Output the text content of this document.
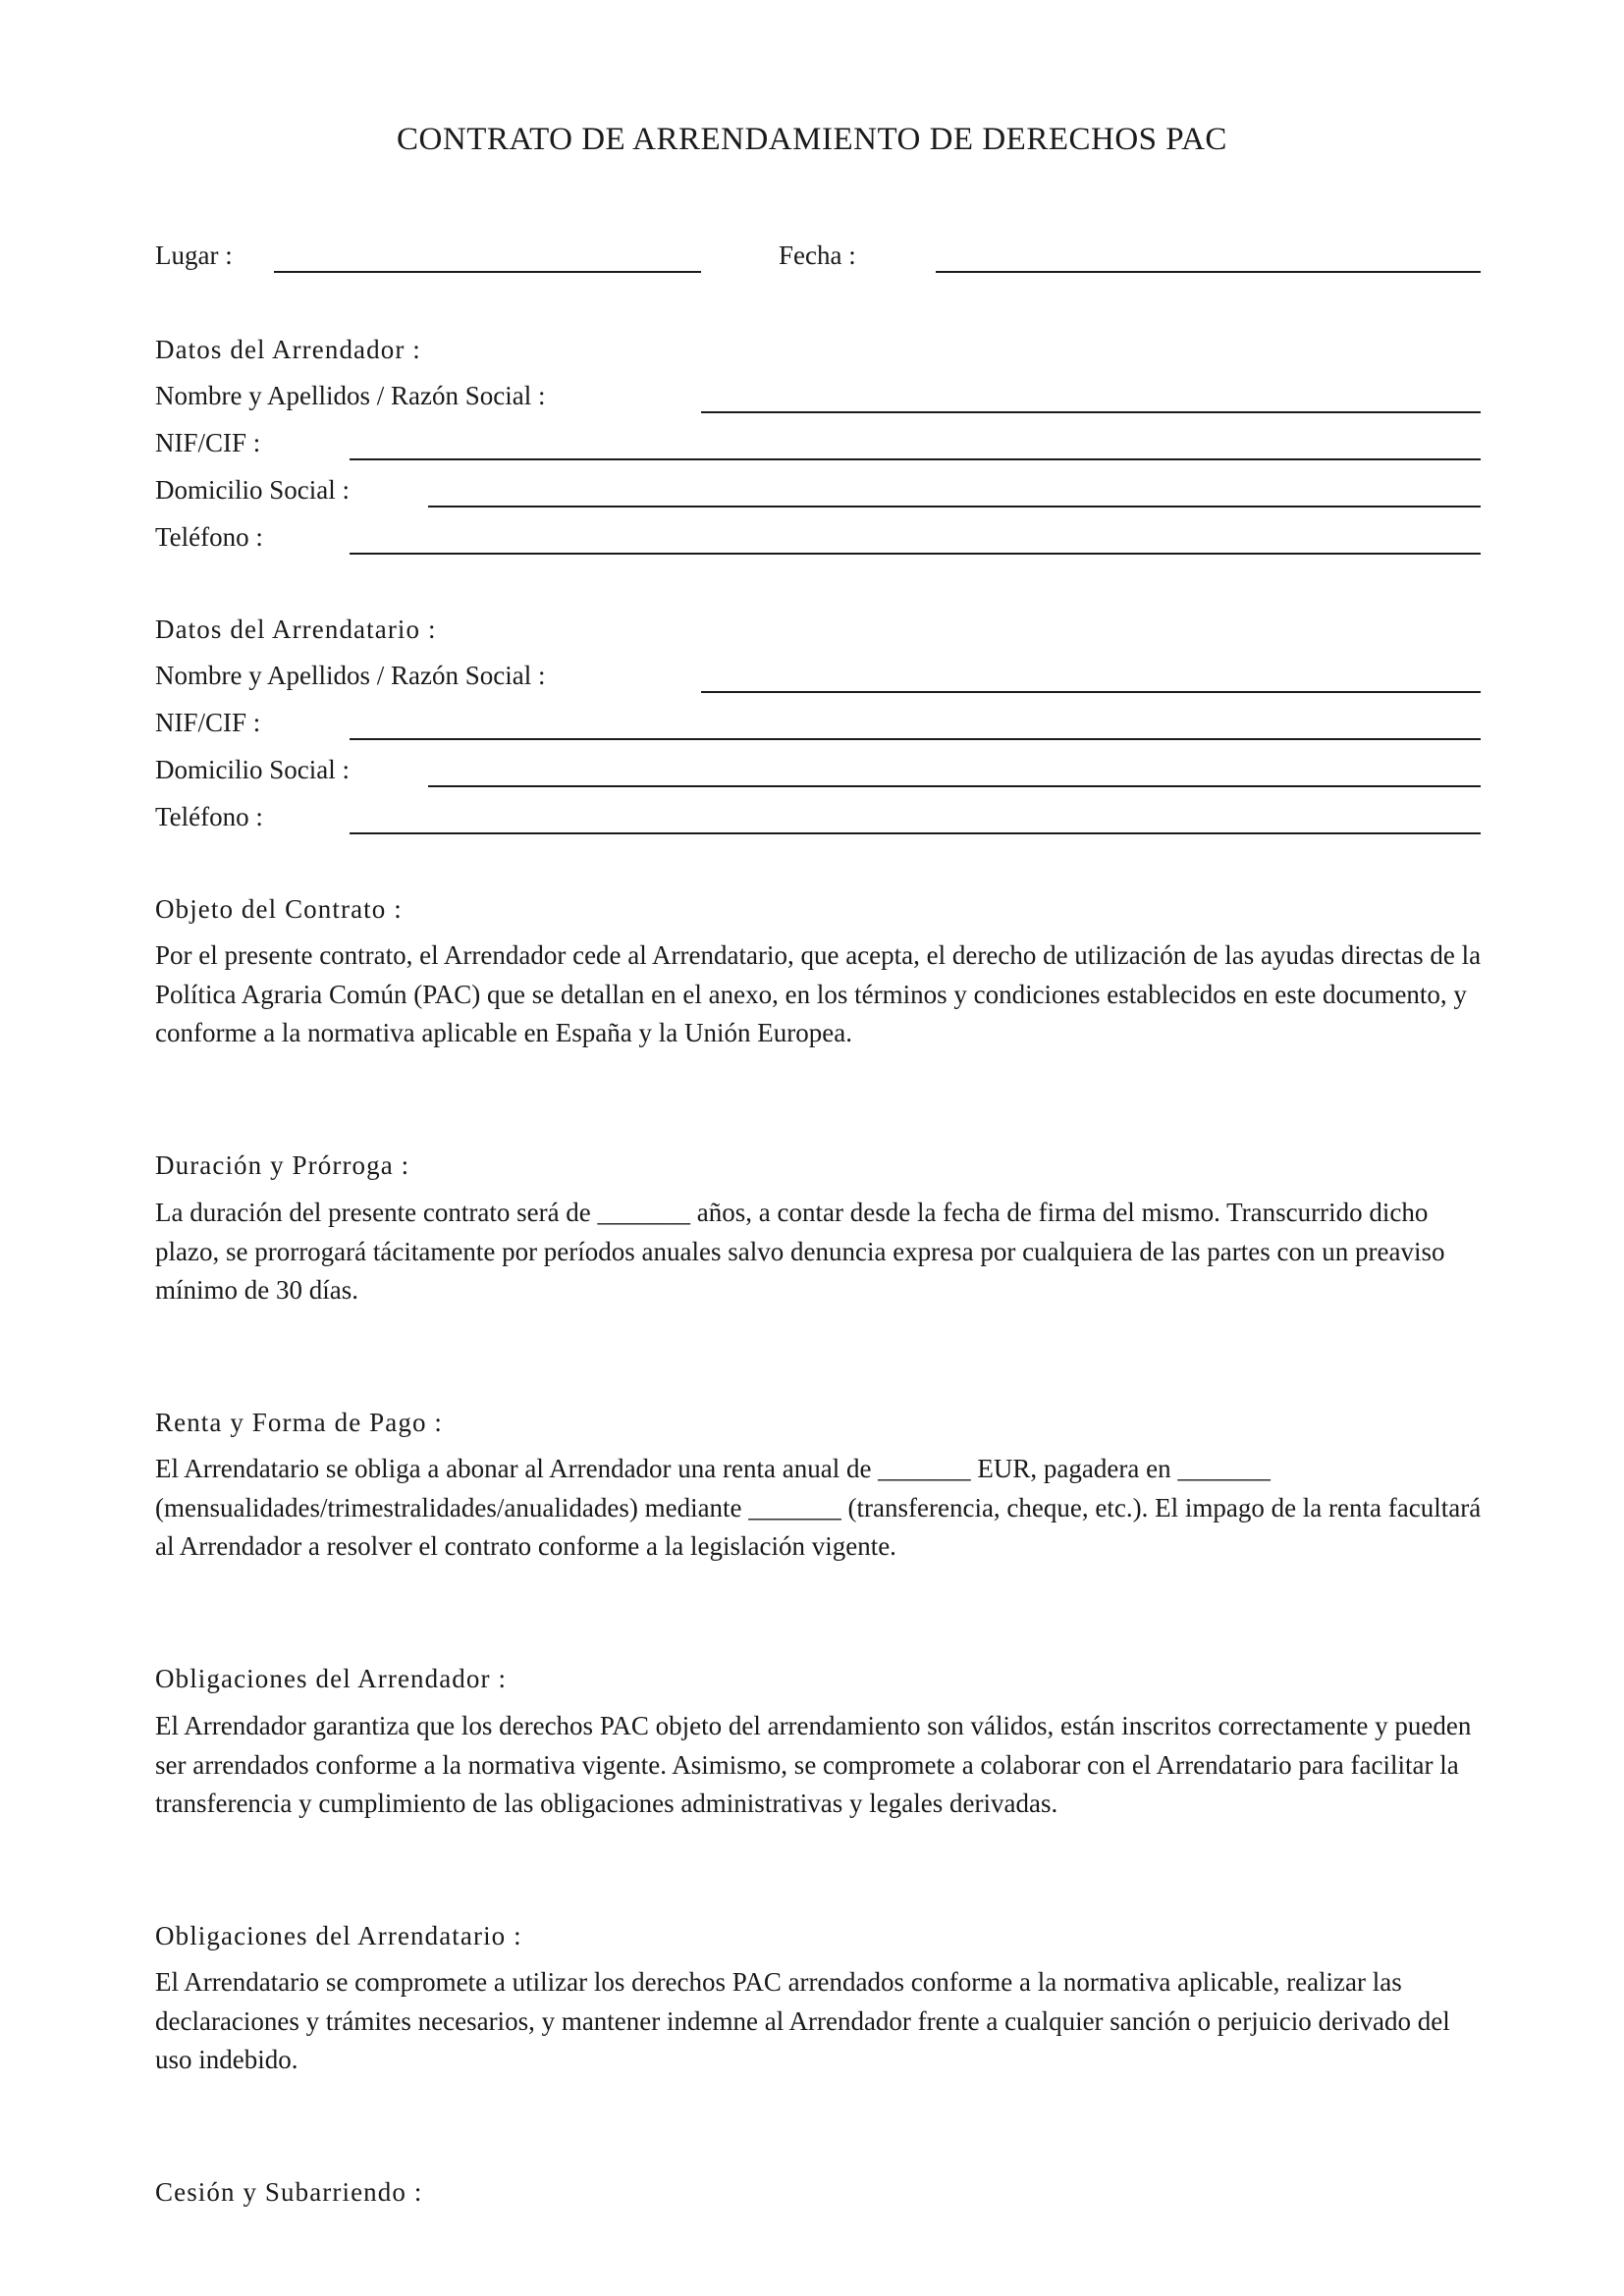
CONTRATO DE ARRENDAMIENTO DE DERECHOS PAC
Lugar :	Fecha :
Datos del Arrendador :
Nombre y Apellidos / Razón Social :
NIF/CIF :
Domicilio Social :
Teléfono :
Datos del Arrendatario :
Nombre y Apellidos / Razón Social :
NIF/CIF :
Domicilio Social :
Teléfono :
Objeto del Contrato :
Por el presente contrato, el Arrendador cede al Arrendatario, que acepta, el derecho de utilización de las ayudas directas de la Política Agraria Común (PAC) que se detallan en el anexo, en los términos y condiciones establecidos en este documento, y conforme a la normativa aplicable en España y la Unión Europea.
Duración y Prórroga :
La duración del presente contrato será de _______ años, a contar desde la fecha de firma del mismo. Transcurrido dicho plazo, se prorrogará tácitamente por períodos anuales salvo denuncia expresa por cualquiera de las partes con un preaviso mínimo de 30 días.
Renta y Forma de Pago :
El Arrendatario se obliga a abonar al Arrendador una renta anual de _______ EUR, pagadera en _______ (mensualidades/trimestralidades/anualidades) mediante _______ (transferencia, cheque, etc.). El impago de la renta facultará al Arrendador a resolver el contrato conforme a la legislación vigente.
Obligaciones del Arrendador :
El Arrendador garantiza que los derechos PAC objeto del arrendamiento son válidos, están inscritos correctamente y pueden ser arrendados conforme a la normativa vigente. Asimismo, se compromete a colaborar con el Arrendatario para facilitar la transferencia y cumplimiento de las obligaciones administrativas y legales derivadas.
Obligaciones del Arrendatario :
El Arrendatario se compromete a utilizar los derechos PAC arrendados conforme a la normativa aplicable, realizar las declaraciones y trámites necesarios, y mantener indemne al Arrendador frente a cualquier sanción o perjuicio derivado del uso indebido.
Cesión y Subarriendo :
